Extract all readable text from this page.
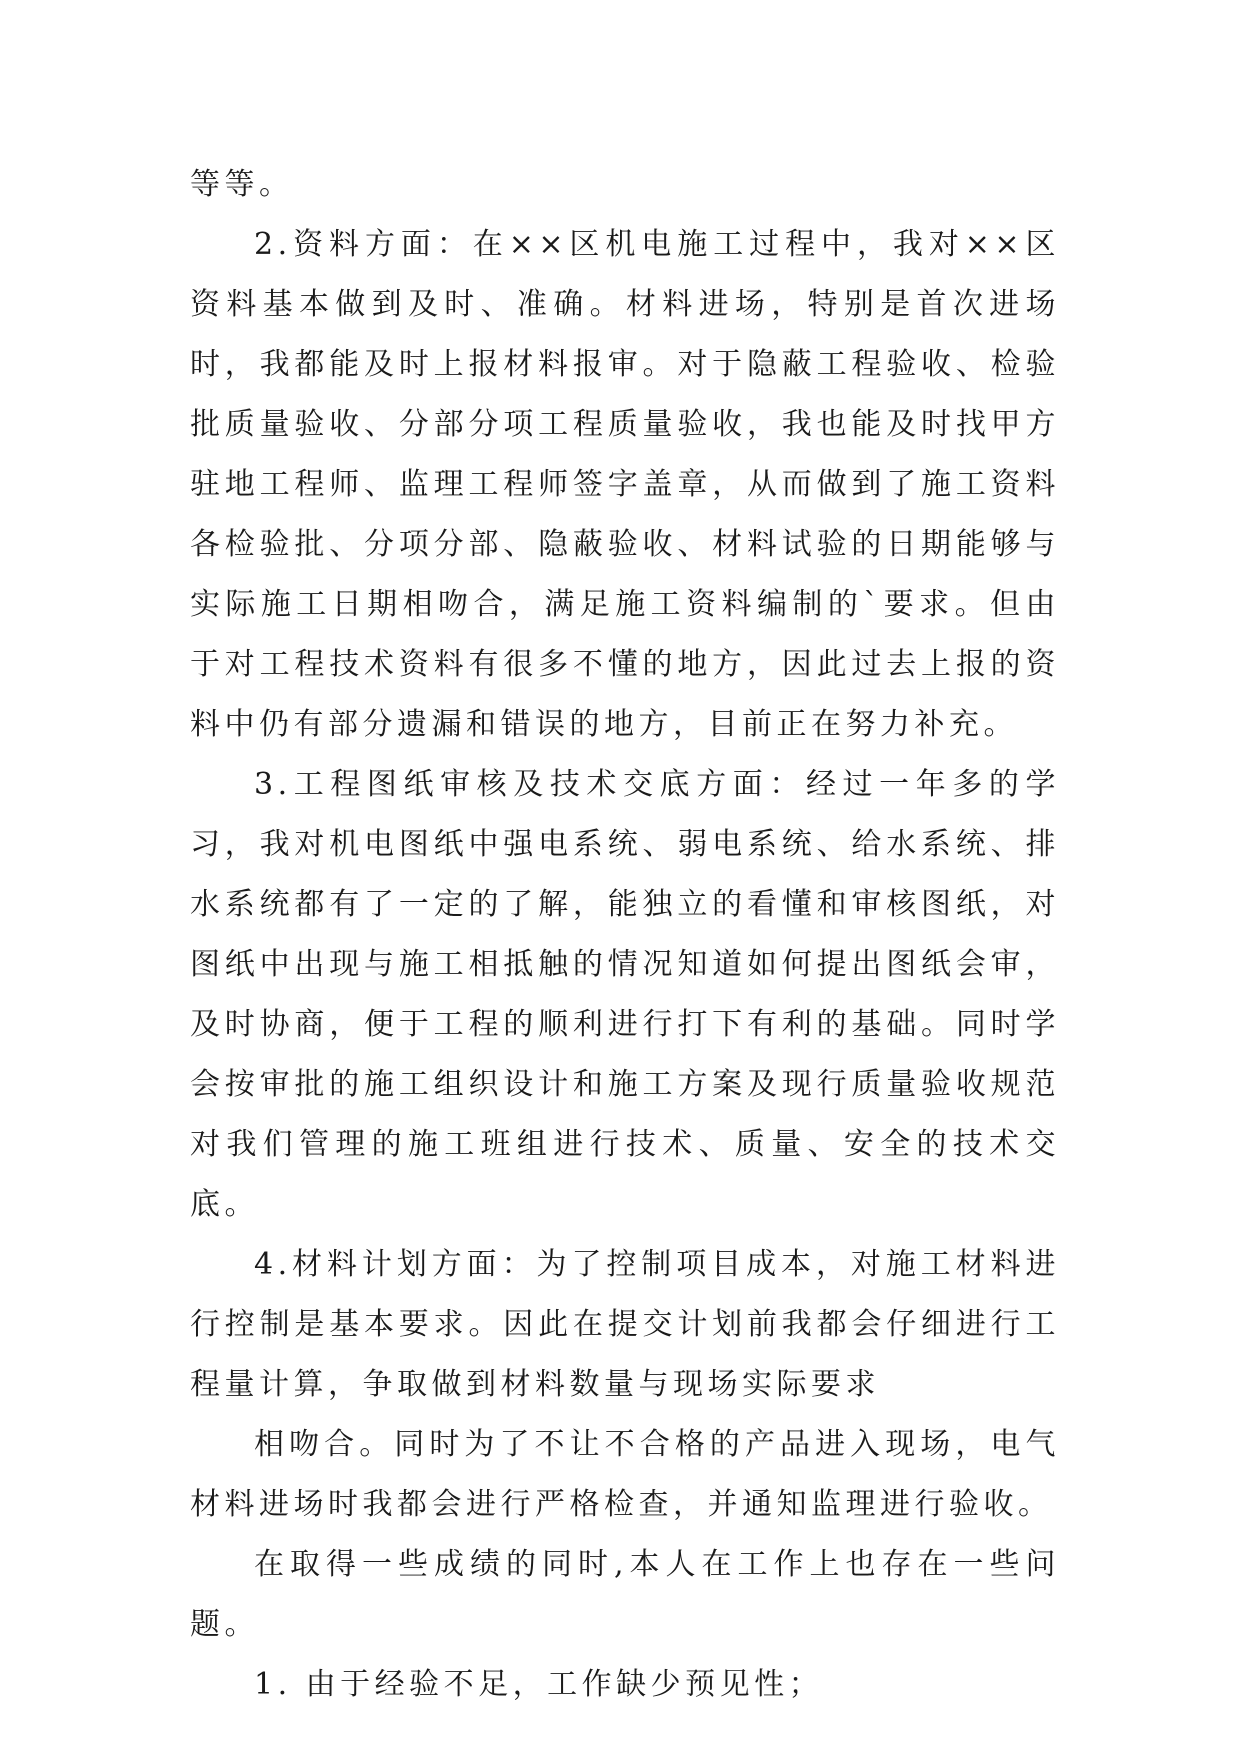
等等。

2.资料方面：在××区机电施工过程中，我对××区资料基本做到及时、准确。材料进场，特别是首次进场时，我都能及时上报材料报审。对于隐蔽工程验收、检验批质量验收、分部分项工程质量验收，我也能及时找甲方驻地工程师、监理工程师签字盖章，从而做到了施工资料各检验批、分项分部、隐蔽验收、材料试验的日期能够与实际施工日期相吻合，满足施工资料编制的`要求。但由于对工程技术资料有很多不懂的地方，因此过去上报的资料中仍有部分遗漏和错误的地方，目前正在努力补充。

3.工程图纸审核及技术交底方面：经过一年多的学习，我对机电图纸中强电系统、弱电系统、给水系统、排水系统都有了一定的了解，能独立的看懂和审核图纸，对图纸中出现与施工相抵触的情况知道如何提出图纸会审，及时协商，便于工程的顺利进行打下有利的基础。同时学会按审批的施工组织设计和施工方案及现行质量验收规范对我们管理的施工班组进行技术、质量、安全的技术交底。

4.材料计划方面：为了控制项目成本，对施工材料进行控制是基本要求。因此在提交计划前我都会仔细进行工程量计算，争取做到材料数量与现场实际要求

相吻合。同时为了不让不合格的产品进入现场，电气材料进场时我都会进行严格检查，并通知监理进行验收。

在取得一些成绩的同时,本人在工作上也存在一些问题。

1. 由于经验不足，工作缺少预见性；
